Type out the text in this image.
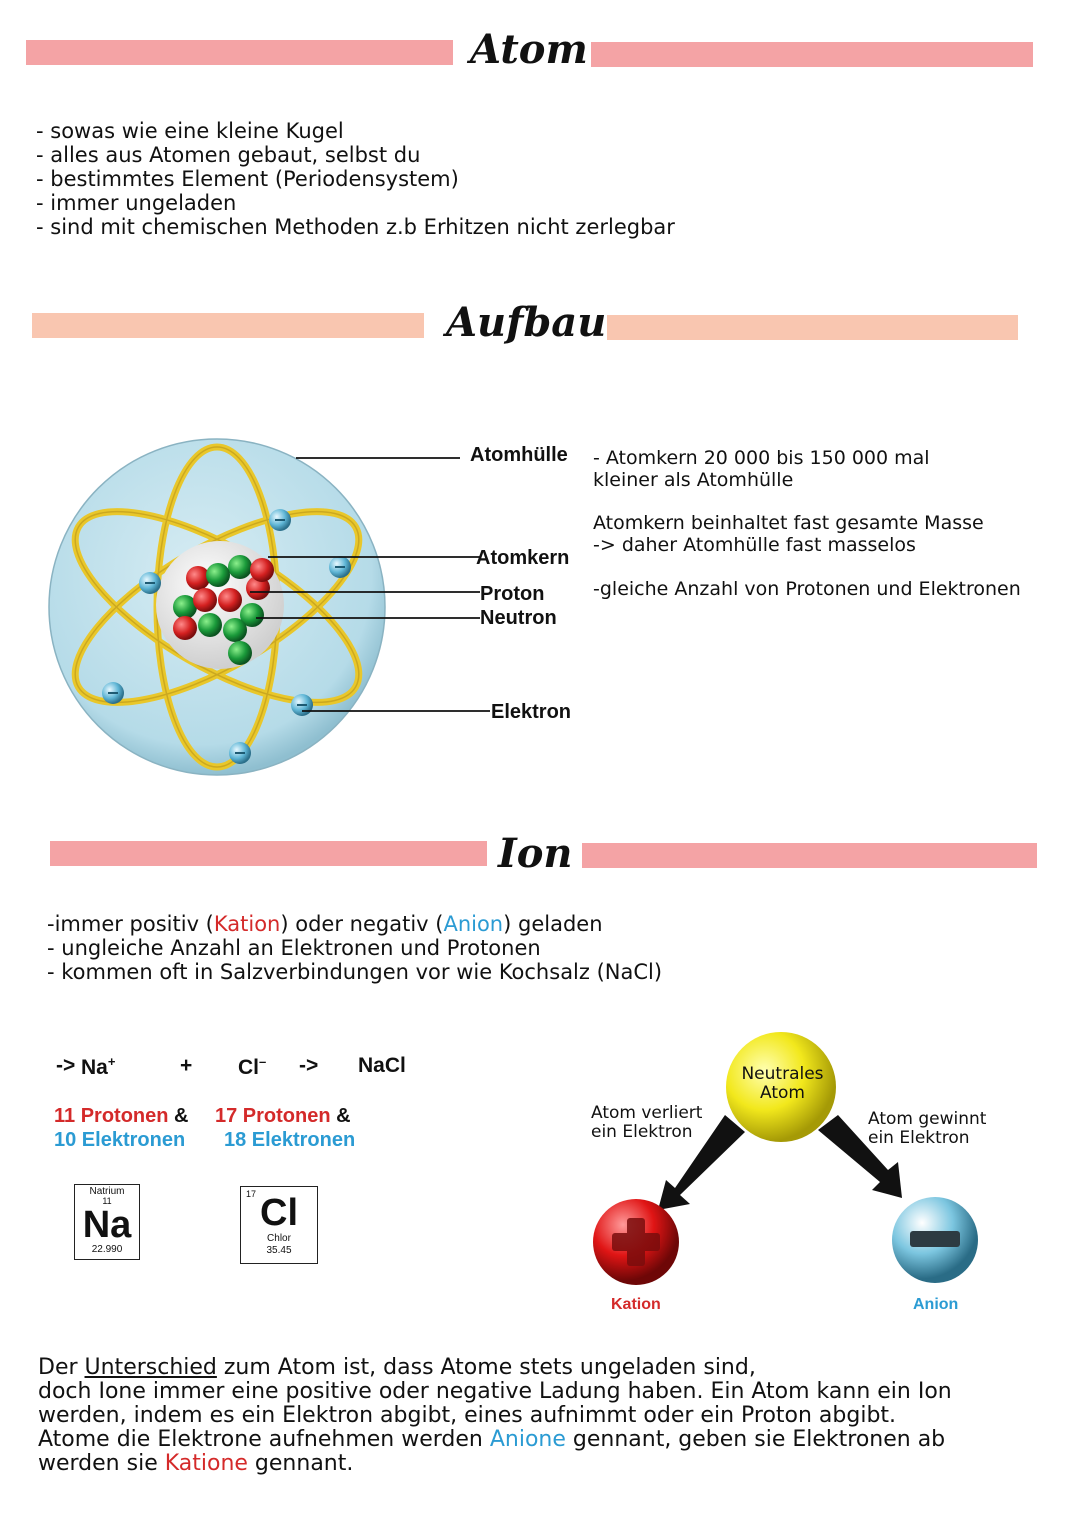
Atom
- sowas wie eine kleine Kugel
- alles aus Atomen gebaut, selbst du
- bestimmtes Element (Periodensystem)
- immer ungeladen
- sind mit chemischen Methoden z.b Erhitzen nicht zerlegbar
Aufbau
Atomhülle
Atomkern
Proton
Neutron
Elektron
- Atomkern 20 000 bis 150 000 mal
kleiner als Atomhülle
Atomkern beinhaltet fast gesamte Masse
-> daher Atomhülle fast masselos
-gleiche Anzahl von Protonen und Elektronen
Ion
-immer positiv (Kation) oder negativ (Anion) geladen
- ungleiche Anzahl an Elektronen und Protonen
- kommen oft in Salzverbindungen vor wie Kochsalz (NaCl)
-> Na+	+ Cl– -> NaCl
11 Protonen &
10 Elektronen
17 Protonen &
18 Elektronen
Natrium
11
Na
22.990
17 Cl
Chlor
35.45
Neutrales Atom
Atom verliert ein Elektron
Atom gewinnt ein Elektron
Kation	Anion
Der Unterschied zum Atom ist, dass Atome stets ungeladen sind,
doch Ione immer eine positive oder negative Ladung haben. Ein Atom kann ein Ion
werden, indem es ein Elektron abgibt, eines aufnimmt oder ein Proton abgibt.
Atome die Elektrone aufnehmen werden Anione gennant, geben sie Elektronen ab
werden sie Katione gennant.
